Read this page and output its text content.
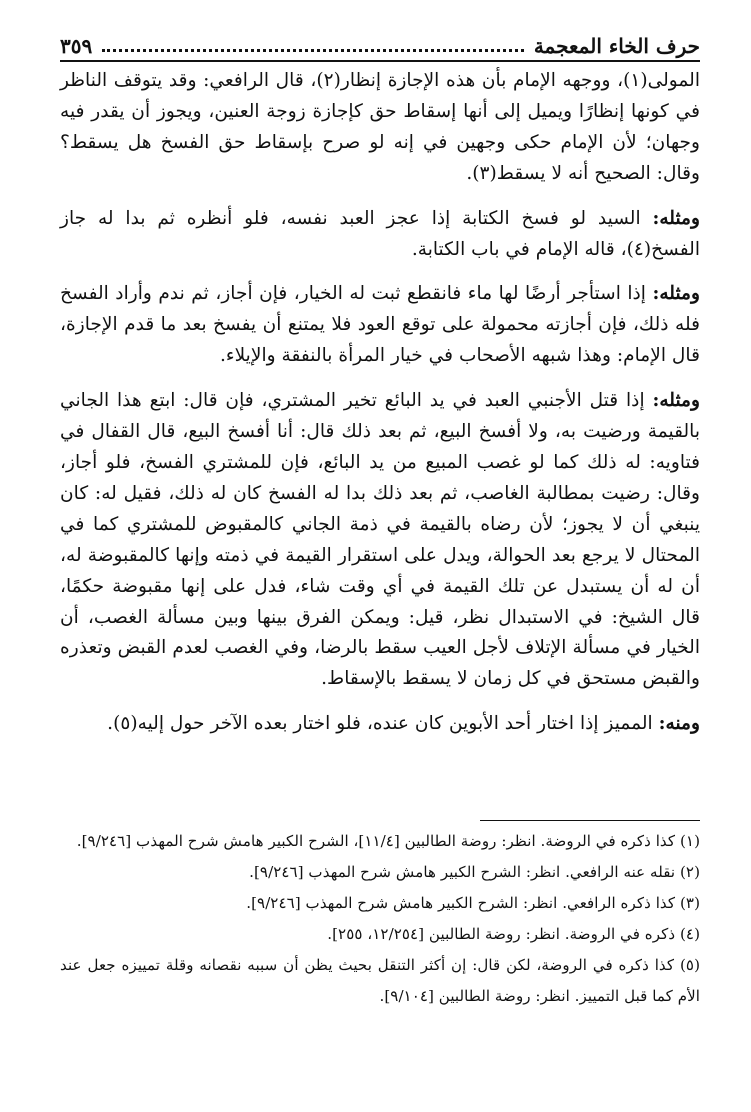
حرف الخاء المعجمة
٣٥٩

المولى(١)، ووجهه الإمام بأن هذه الإجازة إنظار(٢)، قال الرافعي: وقد يتوقف الناظر في كونها إنظارًا ويميل إلى أنها إسقاط حق كإجازة زوجة العنين، ويجوز أن يقدر فيه وجهان؛ لأن الإمام حكى وجهين في إنه لو صرح بإسقاط حق الفسخ هل يسقط؟ وقال: الصحيح أنه لا يسقط(٣).

ومثله: السيد لو فسخ الكتابة إذا عجز العبد نفسه، فلو أنظره ثم بدا له جاز الفسخ(٤)، قاله الإمام في باب الكتابة.

ومثله: إذا استأجر أرضًا لها ماء فانقطع ثبت له الخيار، فإن أجاز، ثم ندم وأراد الفسخ فله ذلك، فإن أجازته محمولة على توقع العود فلا يمتنع أن يفسخ بعد ما قدم الإجازة، قال الإمام: وهذا شبهه الأصحاب في خيار المرأة بالنفقة والإيلاء.

ومثله: إذا قتل الأجنبي العبد في يد البائع تخير المشتري، فإن قال: ابتع هذا الجاني بالقيمة ورضيت به، ولا أفسخ البيع، ثم بعد ذلك قال: أنا أفسخ البيع، قال القفال في فتاويه: له ذلك كما لو غصب المبيع من يد البائع، فإن للمشتري الفسخ، فلو أجاز، وقال: رضيت بمطالبة الغاصب، ثم بعد ذلك بدا له الفسخ كان له ذلك، فقيل له: كان ينبغي أن لا يجوز؛ لأن رضاه بالقيمة في ذمة الجاني كالمقبوض للمشتري كما في المحتال لا يرجع بعد الحوالة، ويدل على استقرار القيمة في ذمته وإنها كالمقبوضة له، أن له أن يستبدل عن تلك القيمة في أي وقت شاء، فدل على إنها مقبوضة حكمًا، قال الشيخ: في الاستبدال نظر، قيل: ويمكن الفرق بينها وبين مسألة الغصب، أن الخيار في مسألة الإتلاف لأجل العيب سقط بالرضا، وفي الغصب لعدم القبض وتعذره والقبض مستحق في كل زمان لا يسقط بالإسقاط.

ومنه: المميز إذا اختار أحد الأبوين كان عنده، فلو اختار بعده الآخر حول إليه(٥).

(١) كذا ذكره في الروضة. انظر: روضة الطالبين [١١/٤]، الشرح الكبير هامش شرح المهذب [٩/٢٤٦].

(٢) نقله عنه الرافعي. انظر: الشرح الكبير هامش شرح المهذب [٩/٢٤٦].

(٣) كذا ذكره الرافعي. انظر: الشرح الكبير هامش شرح المهذب [٩/٢٤٦].

(٤) ذكره في الروضة. انظر: روضة الطالبين [١٢/٢٥٤، ٢٥٥].

(٥) كذا ذكره في الروضة، لكن قال: إن أكثر التنقل بحيث يظن أن سببه نقصانه وقلة تمييزه جعل عند الأم كما قبل التمييز. انظر: روضة الطالبين [٩/١٠٤].
